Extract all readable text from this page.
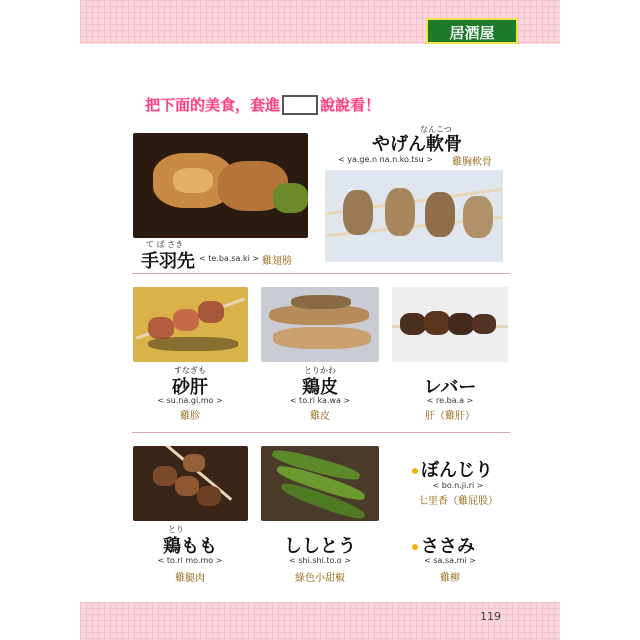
居酒屋
把下面的美食，套進	說說看！
て ば さき
手羽先 < te.ba.sa.ki > 雞翅膀
なんこつ
やげん軟骨
< ya.ge.n na.n.ko.tsu > 雞胸軟骨
すなぎも
砂肝
< su.na.gi.mo >
雞胗
とりかわ
鶏皮
< to.ri ka.wa >
雞皮
レバー
< re.ba.a >
肝（雞肝）
ぼんじり
< bo.n.ji.ri >
七里香（雞屁股）
とり
鶏もも
< to.ri mo.mo >
雞腿肉
ししとう
< shi.shi.to.o >
綠色小甜椒
ささみ
< sa.sa.mi >
雞柳
119
